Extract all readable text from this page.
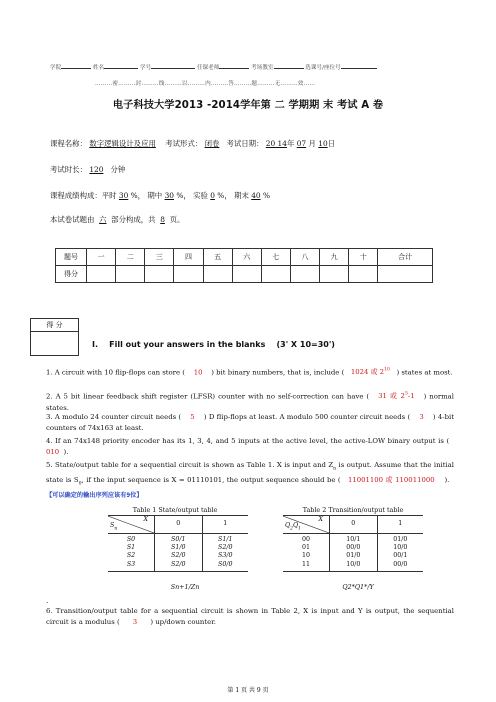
学院	姓名	学号	任课老师	考场教室	选课号/座位号
………密………封………线………以………内………答………题………无………效……
电子科技大学2013 -2014学年第 二 学期期 末 考试 A 卷
课程名称： 数字逻辑设计及应用 考试形式： 闭卷 考试日期： 20 14年 07 月 10日
考试时长： 120 分钟
课程成绩构成：平时 30 %， 期中 30 %， 实验 0 %， 期末 40 %
本试卷试题由 六 部分构成，共 8 页。
题号	一	二	三	四	五	六	七	八	九	十	合计
得分											
得 分
I.    Fill out your answers in the blanks    (3' X 10=30')
1. A circuit with 10 flip-flops can store ( 10 ) bit binary numbers, that is, include ( 1024 或 $2^{10}$ ) states at most.
2. A 5 bit linear feedback shift register (LFSR) counter with no self-correction can have ( 31 或 $2^5-1$ ) normal states.
3. A modulo 24 counter circuit needs ( 5 ) D flip-flops at least. A modulo 500 counter circuit needs ( 3 ) 4-bit counters of 74x163 at least.
4. If an 74x148 priority encoder has its 1, 3, 4, and 5 inputs at the active level, the active-LOW binary output is (   010 ).
5. State/output table for a sequential circuit is shown as Table 1. X is input and $Z_n$ is output. Assume that the initial state is $S_0$, if the input sequence is X = 01110101, the output sequence should be ( 11001100 或 110011000 ).   【可以确定的输出序列应该有9位】
Table 1 State/output table
X
$S_n$	0	1
S0	S0/1	S1/1
S1	S1/0	S2/0
S2	S2/0	S3/0
S3	S2/0	S0/0
Sn+1/Zn
Table 2 Transition/output table
X
$Q_2Q_1$	0	1
00	10/1	01/0
01	00/0	10/0
10	01/0	00/1
11	10/0	00/0
Q2*Q1*/Y
.
6. Transition/output table for a sequential circuit is shown in Table 2, X is input and Y is output, the sequential circuit is a modulus ( 3 ) up/down counter.
第 1 页 共 9 页
